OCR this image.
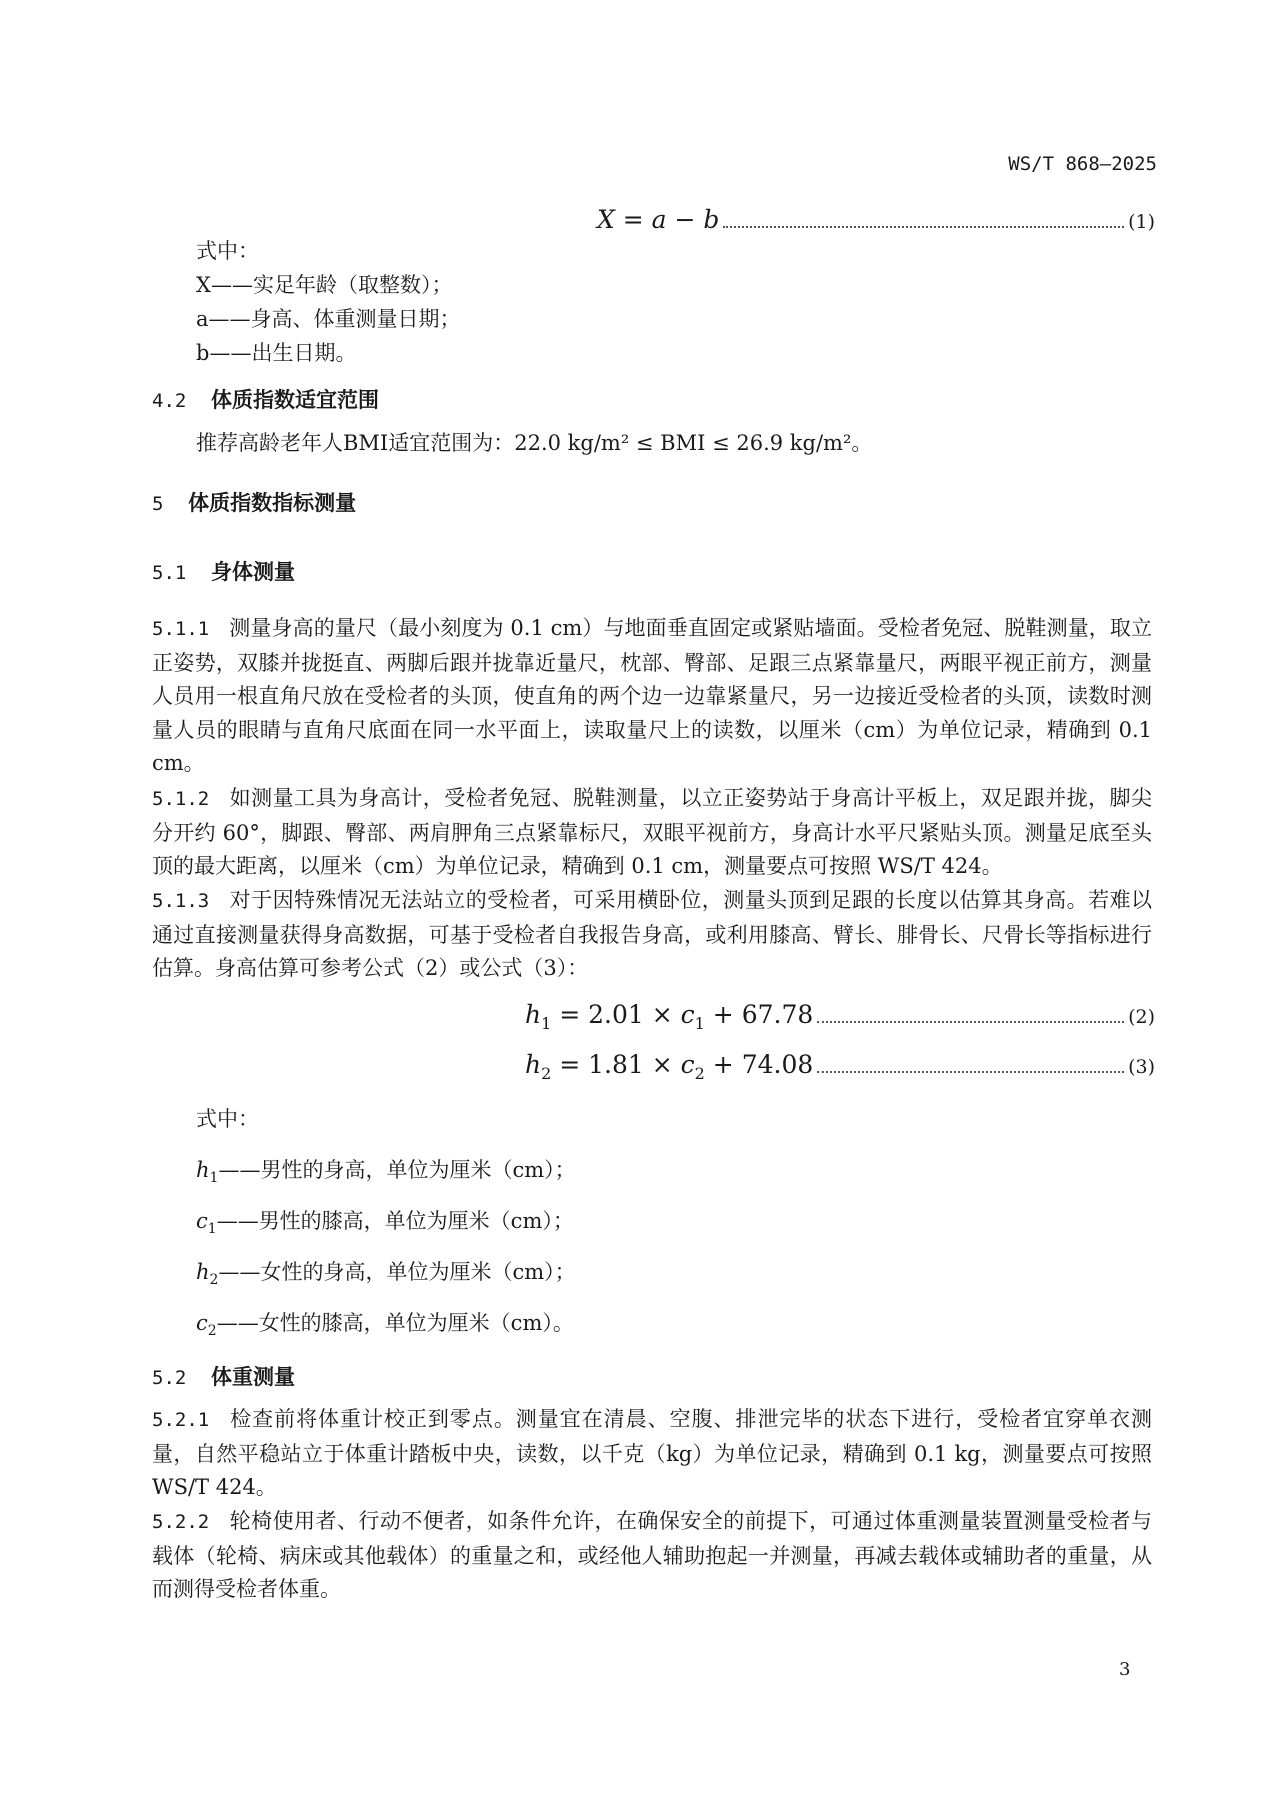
WS/T 868—2025
X = a − b	(1)
式中：
X——实足年龄（取整数）；
a——身高、体重测量日期；
b——出生日期。
4.2 体质指数适宜范围
推荐高龄老年人BMI适宜范围为：22.0 kg/m² ≤ BMI ≤ 26.9 kg/m²。
5 体质指数指标测量
5.1 身体测量
5.1.1 测量身高的量尺（最小刻度为 0.1 cm）与地面垂直固定或紧贴墙面。受检者免冠、脱鞋测量，取立正姿势，双膝并拢挺直、两脚后跟并拢靠近量尺，枕部、臀部、足跟三点紧靠量尺，两眼平视正前方，测量人员用一根直角尺放在受检者的头顶，使直角的两个边一边靠紧量尺，另一边接近受检者的头顶，读数时测量人员的眼睛与直角尺底面在同一水平面上，读取量尺上的读数，以厘米（cm）为单位记录，精确到 0.1 cm。
5.1.2 如测量工具为身高计，受检者免冠、脱鞋测量，以立正姿势站于身高计平板上，双足跟并拢，脚尖分开约 60°，脚跟、臀部、两肩胛角三点紧靠标尺，双眼平视前方，身高计水平尺紧贴头顶。测量足底至头顶的最大距离，以厘米（cm）为单位记录，精确到 0.1 cm，测量要点可按照 WS/T 424。
5.1.3 对于因特殊情况无法站立的受检者，可采用横卧位，测量头顶到足跟的长度以估算其身高。若难以通过直接测量获得身高数据，可基于受检者自我报告身高，或利用膝高、臂长、腓骨长、尺骨长等指标进行估算。身高估算可参考公式（2）或公式（3）：
$h_1 = 2.01 \times c_1 + 67.78$	(2)
$h_2 = 1.81 \times c_2 + 74.08$	(3)
式中：
$h_1——$男性的身高，单位为厘米（cm）；
$c_1——$男性的膝高，单位为厘米（cm）；
$h_2——$女性的身高，单位为厘米（cm）；
$c_2——$女性的膝高，单位为厘米（cm）。
5.2 体重测量
5.2.1 检查前将体重计校正到零点。测量宜在清晨、空腹、排泄完毕的状态下进行，受检者宜穿单衣测量，自然平稳站立于体重计踏板中央，读数，以千克（kg）为单位记录，精确到 0.1 kg，测量要点可按照 WS/T 424。
5.2.2 轮椅使用者、行动不便者，如条件允许，在确保安全的前提下，可通过体重测量装置测量受检者与载体（轮椅、病床或其他载体）的重量之和，或经他人辅助抱起一并测量，再减去载体或辅助者的重量，从而测得受检者体重。
3
